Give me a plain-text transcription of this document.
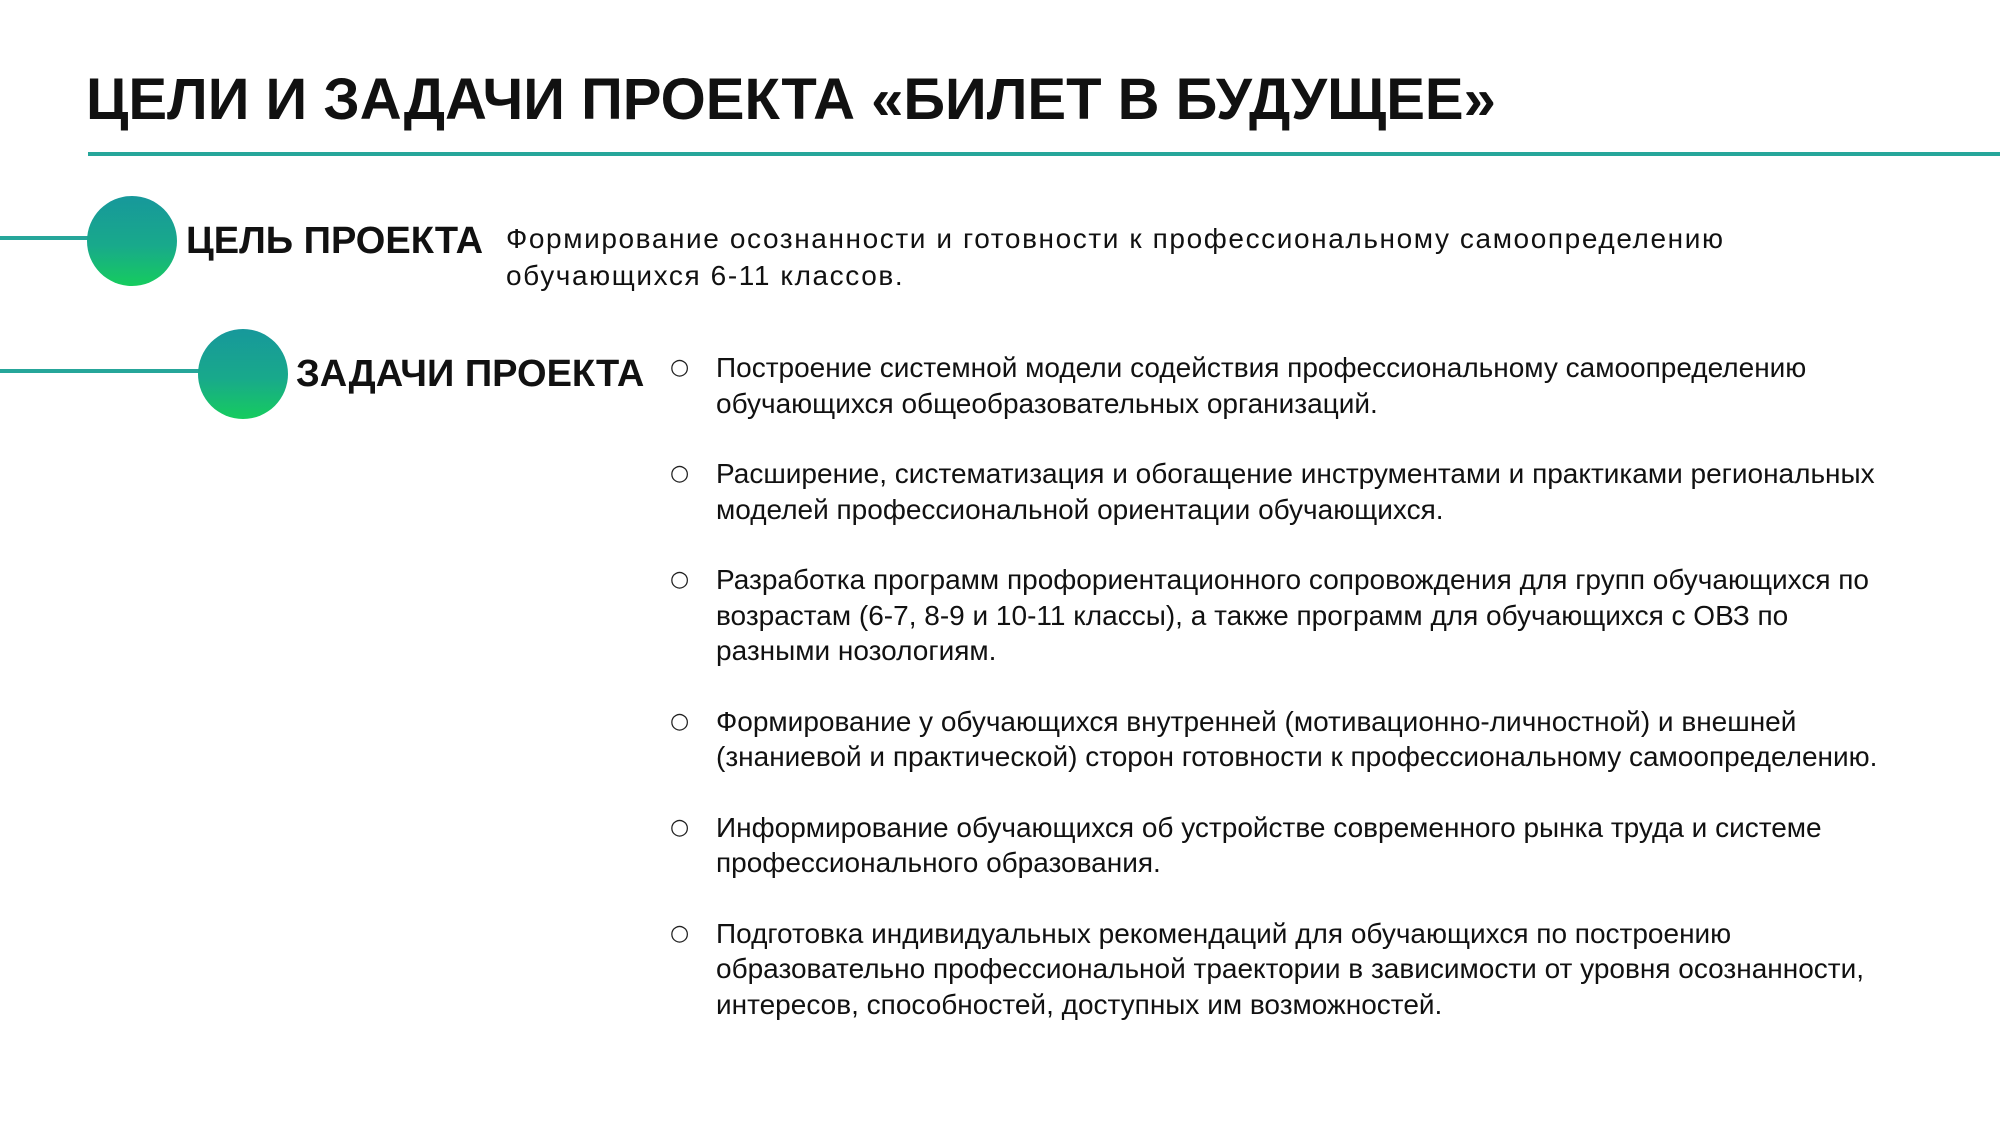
ЦЕЛИ И ЗАДАЧИ ПРОЕКТА «БИЛЕТ В БУДУЩЕЕ»
ЦЕЛЬ ПРОЕКТА Формирование осознанности и готовности к профессиональному самоопределению обучающихся 6-11 классов.
ЗАДАЧИ ПРОЕКТА ○ Построение системной модели содействия профессиональному самоопределению обучающихся общеобразовательных организаций.
○ Расширение, систематизация и обогащение инструментами и практиками региональных моделей профессиональной ориентации обучающихся.
○ Разработка программ профориентационного сопровождения для групп обучающихся по возрастам (6-7, 8-9 и 10-11 классы), а также программ для обучающихся с ОВЗ по разными нозологиям.
○ Формирование у обучающихся внутренней (мотивационно-личностной) и внешней (знаниевой и практической) сторон готовности к профессиональному самоопределению.
○ Информирование обучающихся об устройстве современного рынка труда и системе профессионального образования.
○ Подготовка индивидуальных рекомендаций для обучающихся по построению образовательно профессиональной траектории в зависимости от уровня осознанности, интересов, способностей, доступных им возможностей.
